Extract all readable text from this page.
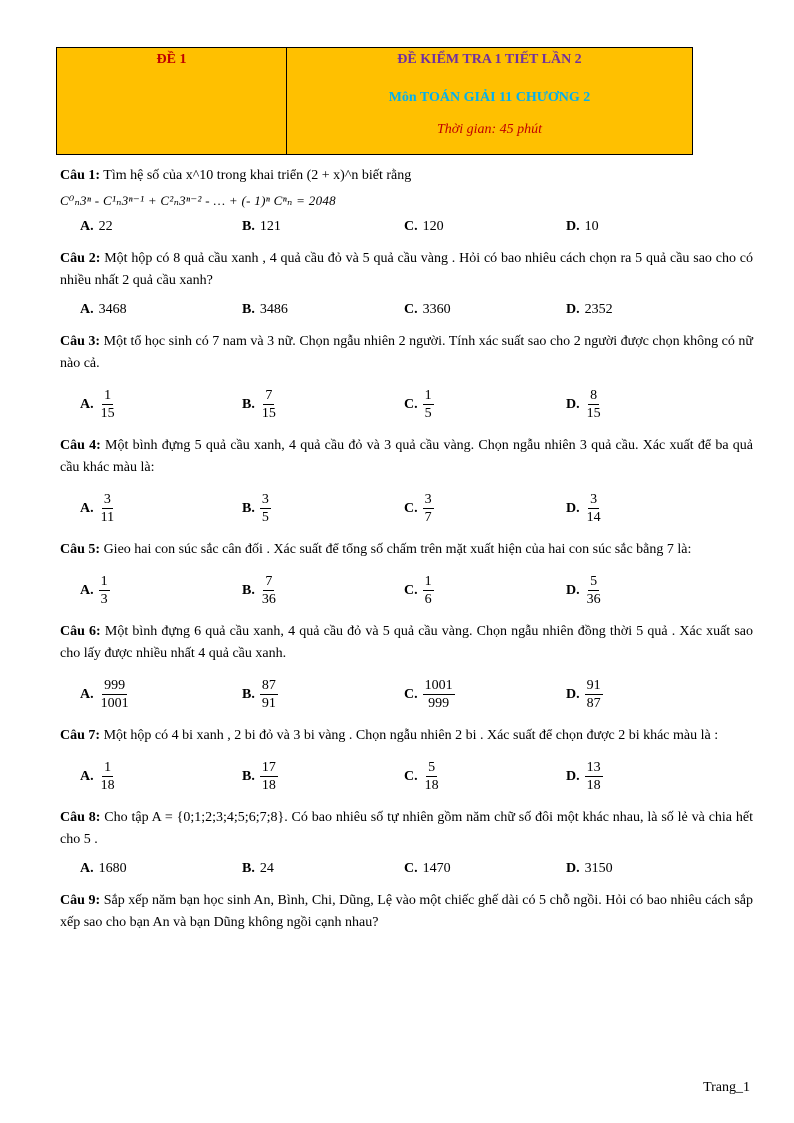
ĐỀ 1	ĐỀ KIỂM TRA 1 TIẾT LẦN 2
Môn TOÁN GIẢI 11 CHƯƠNG 2
Thời gian: 45 phút
Câu 1: Tìm hệ số của x^10 trong khai triển (2 + x)^n biết rằng
C⁰ₙ3ⁿ - C¹ₙ3ⁿ⁻¹ + C²ₙ3ⁿ⁻² - … + (- 1)ⁿ Cⁿₙ = 2048
A. 22	B. 121	C. 120	D. 10
Câu 2: Một hộp có 8 quả cầu xanh , 4 quả cầu đỏ và 5 quả cầu vàng . Hỏi có bao nhiêu cách chọn ra 5 quả cầu sao cho có nhiều nhất 2 quả cầu xanh?
A. 3468	B. 3486	C. 3360	D. 2352
Câu 3: Một tổ học sinh có 7 nam và 3 nữ. Chọn ngẫu nhiên 2 người. Tính xác suất sao cho 2 người được chọn không có nữ nào cả.
A. $\frac{1}{15}$	B. $\frac{7}{15}$	C. $\frac{1}{5}$	D. $\frac{8}{15}$
Câu 4: Một bình đựng 5 quả cầu xanh, 4 quả cầu đỏ và 3 quả cầu vàng. Chọn ngẫu nhiên 3 quả cầu. Xác xuất để ba quả cầu khác màu là:
A. $\frac{3}{11}$	B. $\frac{3}{5}$	C. $\frac{3}{7}$	D. $\frac{3}{14}$
Câu 5: Gieo hai con súc sắc cân đối . Xác suất để tổng số chấm trên mặt xuất hiện của hai con súc sắc bằng 7 là:
A. $\frac{1}{3}$	B. $\frac{7}{36}$	C. $\frac{1}{6}$	D. $\frac{5}{36}$
Câu 6: Một bình đựng 6 quả cầu xanh, 4 quả cầu đỏ và 5 quả cầu vàng. Chọn ngẫu nhiên đồng thời 5 quả . Xác xuất sao cho lấy được nhiều nhất 4 quả cầu xanh.
A. $\frac{999}{1001}$	B. $\frac{87}{91}$	C. $\frac{1001}{999}$	D. $\frac{91}{87}$
Câu 7: Một hộp có 4 bi xanh , 2 bi đỏ và 3 bi vàng . Chọn ngẫu nhiên 2 bi . Xác suất để chọn được 2 bi khác màu là :
A. $\frac{1}{18}$	B. $\frac{17}{18}$	C. $\frac{5}{18}$	D. $\frac{13}{18}$
Câu 8: Cho tập A = {0;1;2;3;4;5;6;7;8}. Có bao nhiêu số tự nhiên gồm năm chữ số đôi một khác nhau, là số lẻ và chia hết cho 5 .
A. 1680	B. 24	C. 1470	D. 3150
Câu 9: Sắp xếp năm bạn học sinh An, Bình, Chi, Dũng, Lệ vào một chiếc ghế dài có 5 chỗ ngồi. Hỏi có bao nhiêu cách sắp xếp sao cho bạn An và bạn Dũng không ngồi cạnh nhau?
Trang_1
